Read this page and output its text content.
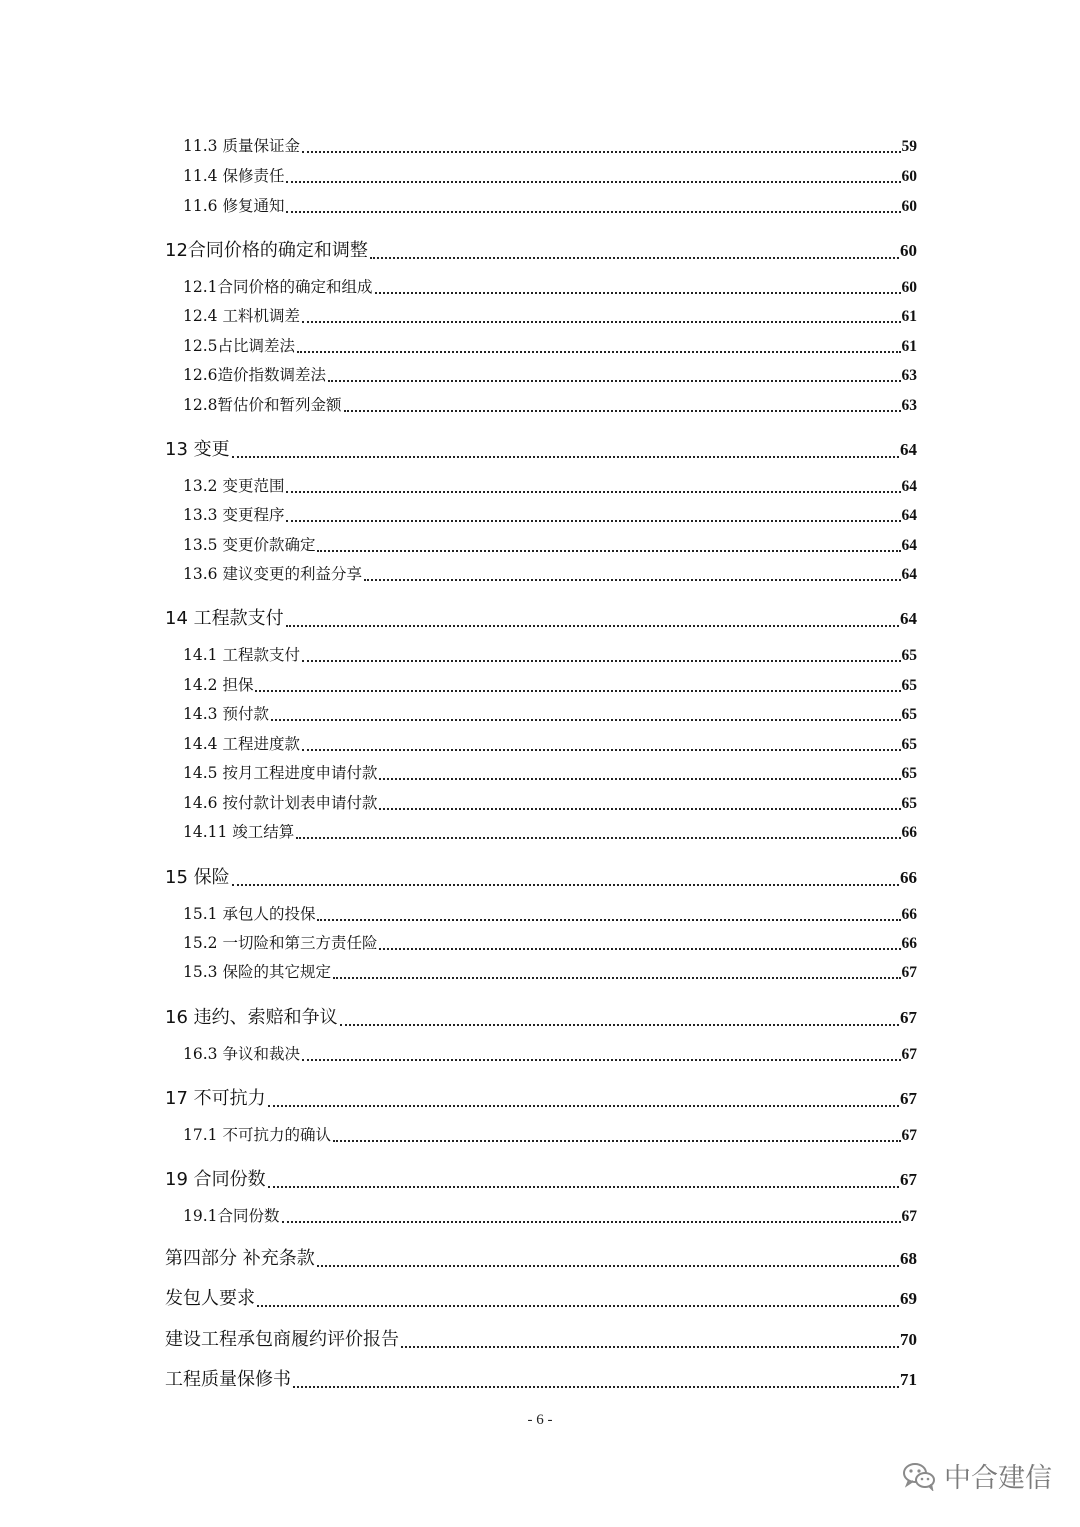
11.3 质量保证金	59
11.4 保修责任	60
11.6 修复通知	60
12合同价格的确定和调整	60
12.1合同价格的确定和组成	60
12.4 工料机调差	61
12.5占比调差法	61
12.6造价指数调差法	63
12.8暂估价和暂列金额	63
13 变更	64
13.2 变更范围	64
13.3 变更程序	64
13.5 变更价款确定	64
13.6 建议变更的利益分享	64
14 工程款支付	64
14.1 工程款支付	65
14.2 担保	65
14.3 预付款	65
14.4 工程进度款	65
14.5 按月工程进度申请付款	65
14.6 按付款计划表申请付款	65
14.11 竣工结算	66
15 保险	66
15.1 承包人的投保	66
15.2 一切险和第三方责任险	66
15.3 保险的其它规定	67
16 违约、索赔和争议	67
16.3 争议和裁决	67
17 不可抗力	67
17.1 不可抗力的确认	67
19 合同份数	67
19.1合同份数	67
第四部分 补充条款	68
发包人要求	69
建设工程承包商履约评价报告	70
工程质量保修书	71
- 6 -
中合建信
